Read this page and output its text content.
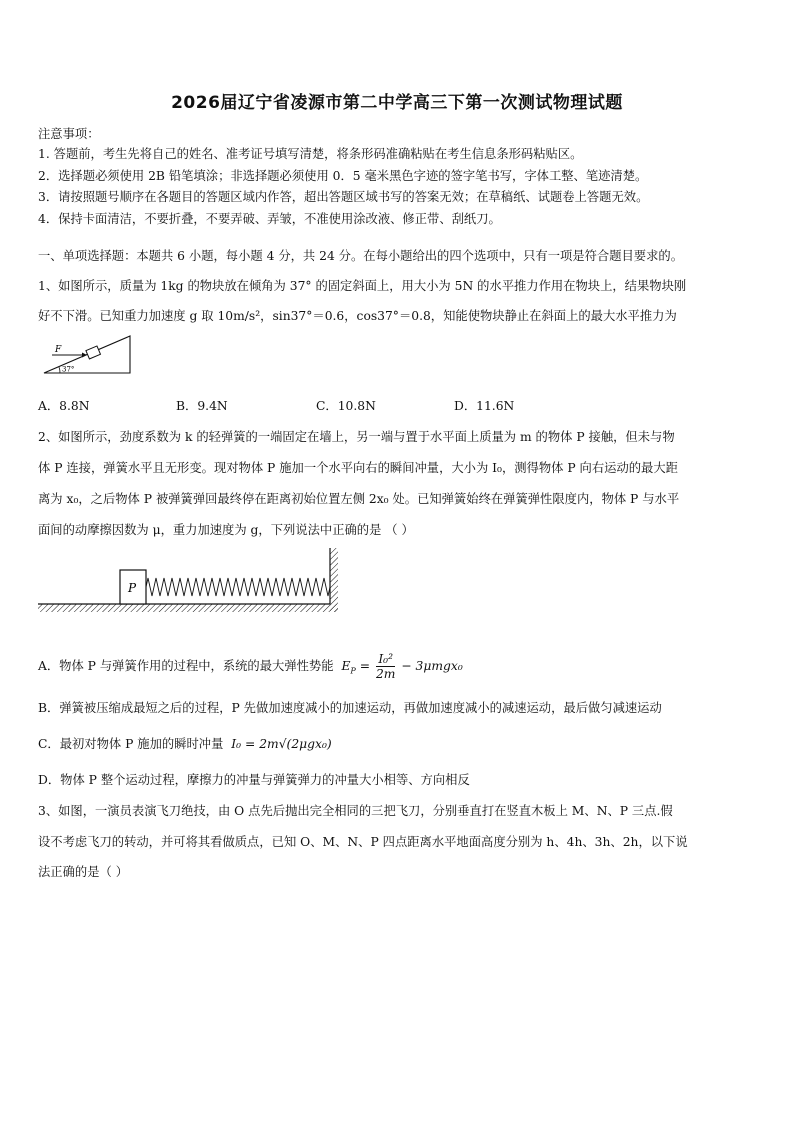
2026届辽宁省凌源市第二中学高三下第一次测试物理试题
注意事项：
1. 答题前，考生先将自己的姓名、准考证号填写清楚，将条形码准确粘贴在考生信息条形码粘贴区。
2．选择题必须使用 2B 铅笔填涂；非选择题必须使用 0．5 毫米黑色字迹的签字笔书写，字体工整、笔迹清楚。
3．请按照题号顺序在各题目的答题区域内作答，超出答题区域书写的答案无效；在草稿纸、试题卷上答题无效。
4．保持卡面清洁，不要折叠，不要弄破、弄皱，不准使用涂改液、修正带、刮纸刀。
一、单项选择题：本题共 6 小题，每小题 4 分，共 24 分。在每小题给出的四个选项中，只有一项是符合题目要求的。
1、如图所示，质量为 1kg 的物块放在倾角为 37° 的固定斜面上，用大小为 5N 的水平推力作用在物块上，结果物块刚
好不下滑。已知重力加速度 g 取 10m/s²，sin37°＝0.6，cos37°＝0.8，知能使物块静止在斜面上的最大水平推力为
F
37°
A．8.8N	B．9.4N	C．10.8N	D．11.6N
2、如图所示，劲度系数为 k 的轻弹簧的一端固定在墙上，另一端与置于水平面上质量为 m 的物体 P 接触，但未与物
体 P 连接，弹簧水平且无形变。现对物体 P 施加一个水平向右的瞬间冲量，大小为 I₀，测得物体 P 向右运动的最大距
离为 x₀，之后物体 P 被弹簧弹回最终停在距离初始位置左侧 2x₀ 处。已知弹簧始终在弹簧弹性限度内，物体 P 与水平
面间的动摩擦因数为 μ，重力加速度为 g，下列说法中正确的是 （ ）
P
A．物体 P 与弹簧作用的过程中，系统的最大弹性势能 $E_P = \frac{\text{I₀²}}{2m} - 3\mu mgx_0$
B．弹簧被压缩成最短之后的过程，P 先做加速度减小的加速运动，再做加速度减小的减速运动，最后做匀减速运动
C．最初对物体 P 施加的瞬时冲量 I₀ = 2m√(2μgx₀)
D．物体 P 整个运动过程，摩擦力的冲量与弹簧弹力的冲量大小相等、方向相反
3、如图，一演员表演飞刀绝技，由 O 点先后抛出完全相同的三把飞刀，分别垂直打在竖直木板上 M、N、P 三点.假
设不考虑飞刀的转动，并可将其看做质点，已知 O、M、N、P 四点距离水平地面高度分别为 h、4h、3h、2h，以下说
法正确的是（ ）
